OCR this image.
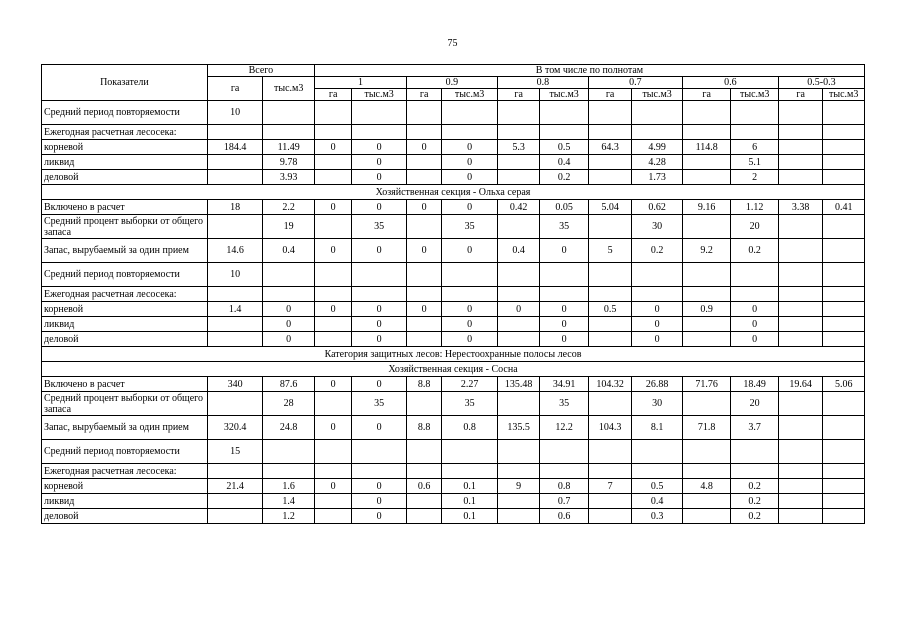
75
Показатели	Всего		В том числе по полнотам											
	га	тыс.м3	1		0.9		0.8		0.7		0.6		0.5-0.3	
			га	тыс.м3	га	тыс.м3	га	тыс.м3	га	тыс.м3	га	тыс.м3	га	тыс.м3
Средний период повторяемости	10													
Ежегодная расчетная лесосека:														
корневой	184.4	11.49	0	0	0	0	5.3	0.5	64.3	4.99	114.8	6		
ликвид		9.78		0		0		0.4		4.28		5.1		
деловой		3.93		0		0		0.2		1.73		2		
Хозяйственная секция - Ольха серая														
Включено в расчет	18	2.2	0	0	0	0	0.42	0.05	5.04	0.62	9.16	1.12	3.38	0.41
Средний процент выборки от общего запаса		19		35		35		35		30		20		
Запас, вырубаемый за один прием	14.6	0.4	0	0	0	0	0.4	0	5	0.2	9.2	0.2		
Средний период повторяемости	10													
Ежегодная расчетная лесосека:														
корневой	1.4	0	0	0	0	0	0	0	0.5	0	0.9	0		
ликвид		0		0		0		0		0		0		
деловой		0		0		0		0		0		0		
Категория защитных лесов: Нерестоохранные полосы лесов														
Хозяйственная секция - Сосна														
Включено в расчет	340	87.6	0	0	8.8	2.27	135.48	34.91	104.32	26.88	71.76	18.49	19.64	5.06
Средний процент выборки от общего запаса		28		35		35		35		30		20		
Запас, вырубаемый за один прием	320.4	24.8	0	0	8.8	0.8	135.5	12.2	104.3	8.1	71.8	3.7		
Средний период повторяемости	15													
Ежегодная расчетная лесосека:														
корневой	21.4	1.6	0	0	0.6	0.1	9	0.8	7	0.5	4.8	0.2		
ликвид		1.4		0		0.1		0.7		0.4		0.2		
деловой		1.2		0		0.1		0.6		0.3		0.2		
